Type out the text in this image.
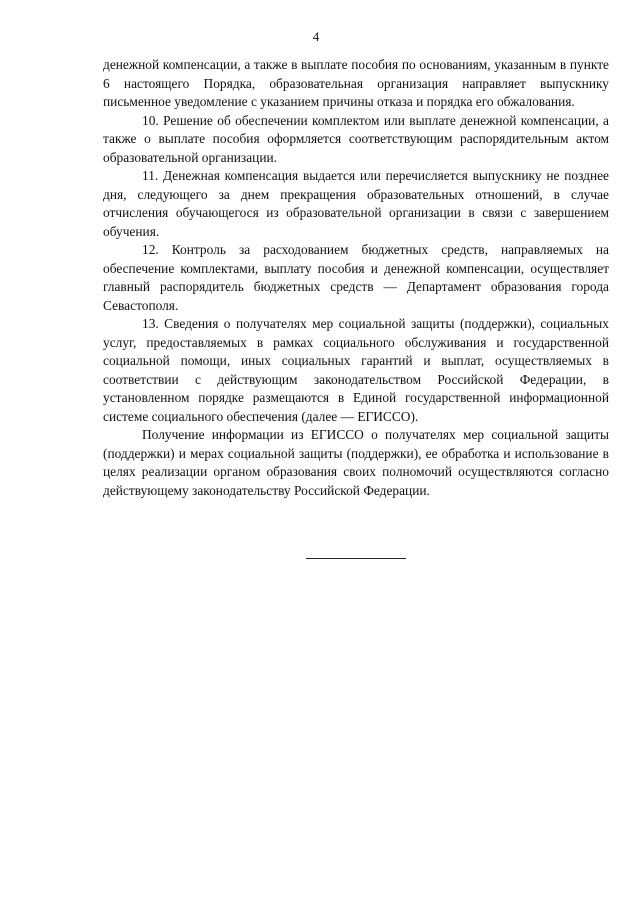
4

денежной компенсации, а также в выплате пособия по основаниям, указанным в пункте 6 настоящего Порядка, образовательная организация направляет выпускнику письменное уведомление с указанием причины отказа и порядка его обжалования.

10. Решение об обеспечении комплектом или выплате денежной компенсации, а также о выплате пособия оформляется соответствующим распорядительным актом образовательной организации.

11. Денежная компенсация выдается или перечисляется выпускнику не позднее дня, следующего за днем прекращения образовательных отношений, в случае отчисления обучающегося из образовательной организации в связи с завершением обучения.

12. Контроль за расходованием бюджетных средств, направляемых на обеспечение комплектами, выплату пособия и денежной компенсации, осуществляет главный распорядитель бюджетных средств — Департамент образования города Севастополя.

13. Сведения о получателях мер социальной защиты (поддержки), социальных услуг, предоставляемых в рамках социального обслуживания и государственной социальной помощи, иных социальных гарантий и выплат, осуществляемых в соответствии с действующим законодательством Российской Федерации, в установленном порядке размещаются в Единой государственной информационной системе социального обеспечения (далее — ЕГИССО).

Получение информации из ЕГИССО о получателях мер социальной защиты (поддержки) и мерах социальной защиты (поддержки), ее обработка и использование в целях реализации органом образования своих полномочий осуществляются согласно действующему законодательству Российской Федерации.
